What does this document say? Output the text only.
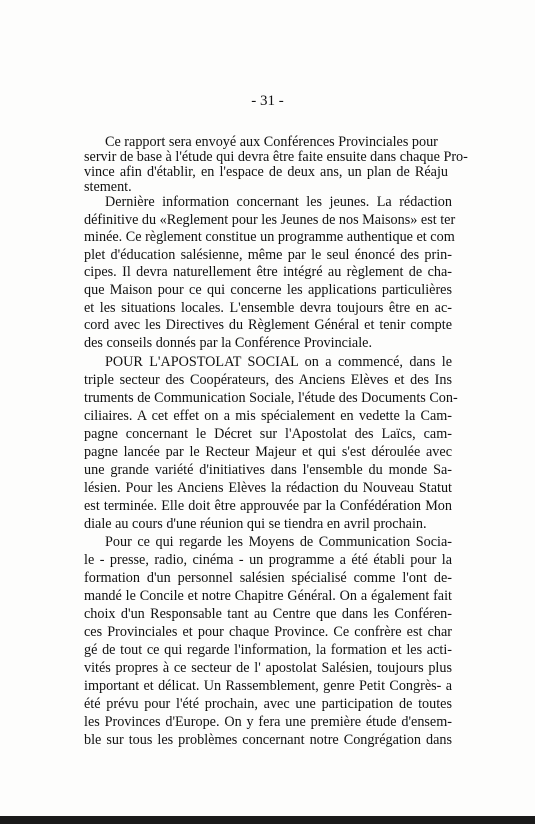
- 31 -
Ce rapport sera envoyé aux Conférences Provinciales pour
servir de base à l'étude qui devra être faite ensuite dans chaque Pro-
vince afin d'établir, en l'espace de deux ans, un plan de Réaju
stement.
Dernière information concernant les jeunes. La rédaction
définitive du «Reglement pour les Jeunes de nos Maisons» est ter
minée. Ce règlement constitue un programme authentique et com
plet d'éducation salésienne, même par le seul énoncé des prin-
cipes. Il devra naturellement être intégré au règlement de cha-
que Maison pour ce qui concerne les applications particulières
et les situations locales. L'ensemble devra toujours être en ac-
cord avec les Directives du Règlement Général et tenir compte
des conseils donnés par la Conférence Provinciale.
POUR L'APOSTOLAT SOCIAL on a commencé, dans le
triple secteur des Coopérateurs, des Anciens Elèves et des Ins
truments de Communication Sociale, l'étude des Documents Con-
ciliaires. A cet effet on a mis spécialement en vedette la Cam-
pagne concernant le Décret sur l'Apostolat des Laïcs, cam-
pagne lancée par le Recteur Majeur et qui s'est déroulée avec
une grande variété d'initiatives dans l'ensemble du monde Sa-
lésien. Pour les Anciens Elèves la rédaction du Nouveau Statut
est terminée. Elle doit être approuvée par la Confédération Mon
diale au cours d'une réunion qui se tiendra en avril prochain.
Pour ce qui regarde les Moyens de Communication Socia-
le - presse, radio, cinéma - un programme a été établi pour la
formation d'un personnel salésien spécialisé comme l'ont de-
mandé le Concile et notre Chapitre Général. On a également fait
choix d'un Responsable tant au Centre que dans les Conféren-
ces Provinciales et pour chaque Province. Ce confrère est char
gé de tout ce qui regarde l'information, la formation et les acti-
vités propres à ce secteur de l' apostolat Salésien, toujours plus
important et délicat. Un Rassemblement, genre Petit Congrès- a
été prévu pour l'été prochain, avec une participation de toutes
les Provinces d'Europe. On y fera une première étude d'ensem-
ble sur tous les problèmes concernant notre Congrégation dans
